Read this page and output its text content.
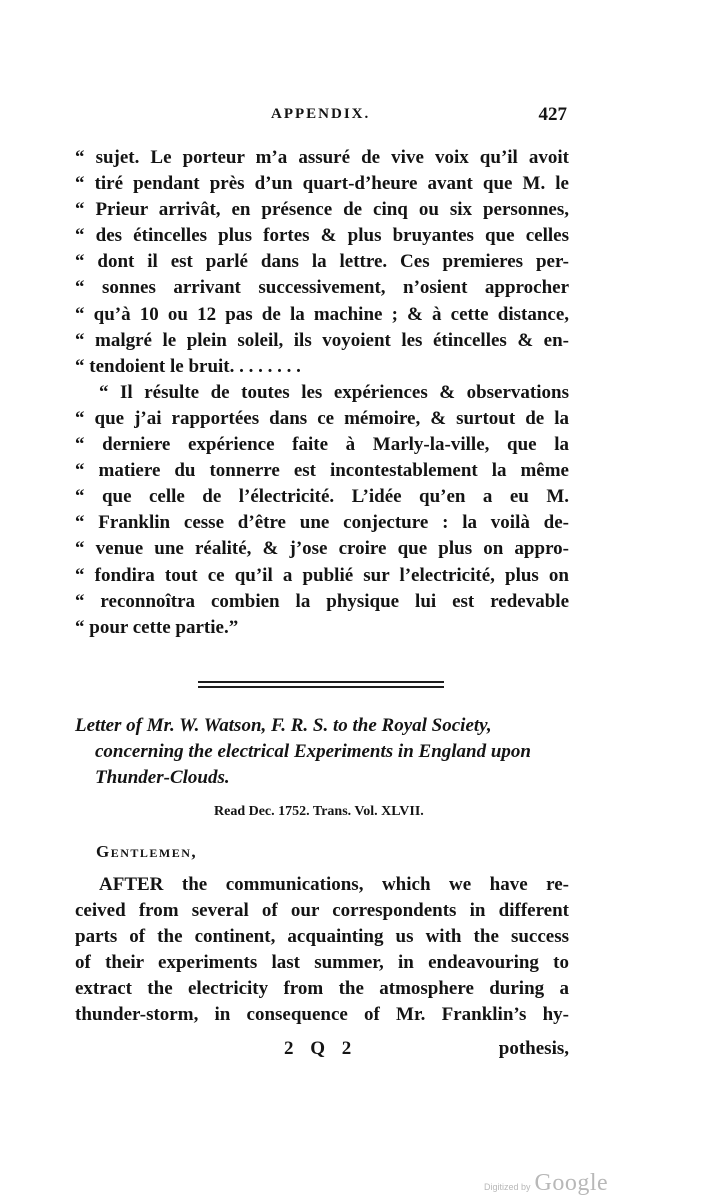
APPENDIX.	427
“ sujet. Le porteur m’a assuré de vive voix qu’il avoit
“ tiré pendant près d’un quart-d’heure avant que M. le
“ Prieur arrivât, en présence de cinq ou six personnes,
“ des étincelles plus fortes & plus bruyantes que celles
“ dont il est parlé dans la lettre. Ces premieres per-
“ sonnes arrivant successivement, n’osient approcher
“ qu’à 10 ou 12 pas de la machine ; & à cette distance,
“ malgré le plein soleil, ils voyoient les étincelles & en-
“ tendoient le bruit. . . . . . . .
“ Il résulte de toutes les expériences & observations
“ que j’ai rapportées dans ce mémoire, & surtout de la
“ derniere expérience faite à Marly-la-ville, que la
“ matiere du tonnerre est incontestablement la même
“ que celle de l’électricité. L’idée qu’en a eu M.
“ Franklin cesse d’être une conjecture : la voilà de-
“ venue une réalité, & j’ose croire que plus on appro-
“ fondira tout ce qu’il a publié sur l’electricité, plus on
“ reconnoîtra combien la physique lui est redevable
“ pour cette partie.”
Letter of Mr. W. Watson, F. R. S. to the Royal Society,
concerning the electrical Experiments in England upon
Thunder-Clouds.
Read Dec. 1752. Trans. Vol. XLVII.
Gentlemen,
AFTER the communications, which we have re-
ceived from several of our correspondents in different
parts of the continent, acquainting us with the success
of their experiments last summer, in endeavouring to
extract the electricity from the atmosphere during a
thunder-storm, in consequence of Mr. Franklin’s hy-
2 Q 2	pothesis,
Digitized by Google
